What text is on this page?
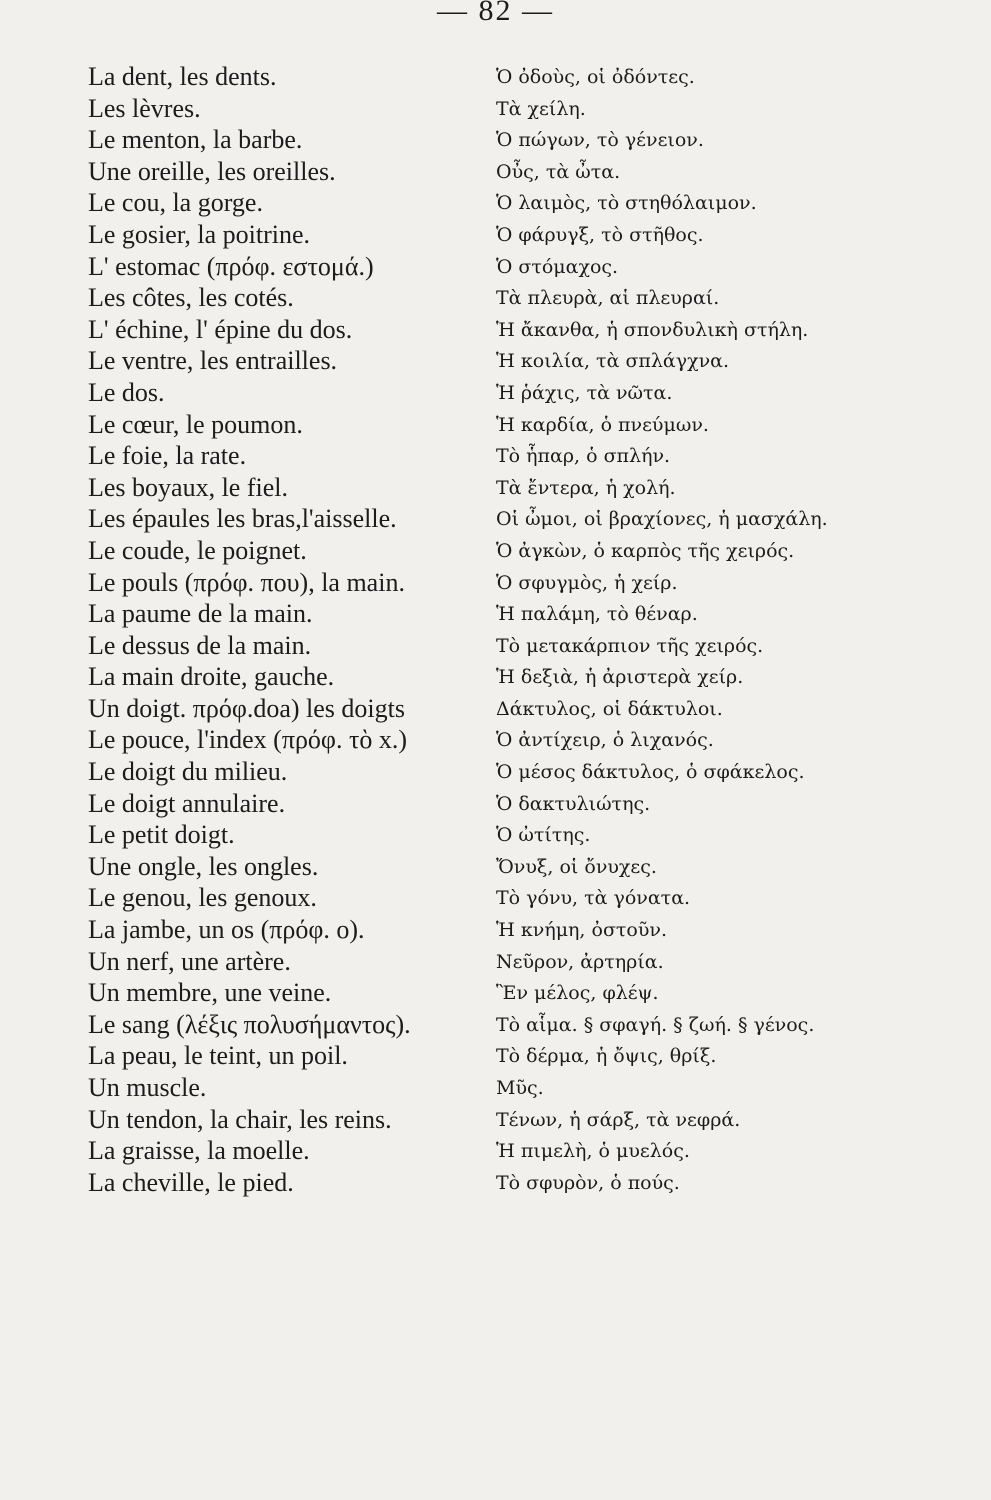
— 82 —
La dent, les dents.	Ὁ ὀδοὺς, οἱ ὀδόντες.
Les lèvres.	Τὰ χείλη.
Le menton, la barbe.	Ὁ πώγων, τὸ γένειον.
Une oreille, les oreilles.	Οὖς, τὰ ὦτα.
Le cou, la gorge.	Ὁ λαιμὸς, τὸ στηθόλαιμον.
Le gosier, la poitrine.	Ὁ φάρυγξ, τὸ στῆθος.
L' estomac (πρόφ. εστομά.)	Ὁ στόμαχος.
Les côtes, les cotés.	Τὰ πλευρὰ, αἱ πλευραί.
L' échine, l' épine du dos.	Ἡ ἄκανθα, ἡ σπονδυλικὴ στήλη.
Le ventre, les entrailles.	Ἡ κοιλία, τὰ σπλάγχνα.
Le dos.	Ἡ ῥάχις, τὰ νῶτα.
Le cœur, le poumon.	Ἡ καρδία, ὁ πνεύμων.
Le foie, la rate.	Τὸ ἧπαρ, ὁ σπλήν.
Les boyaux, le fiel.	Τὰ ἔντερα, ἡ χολή.
Les épaules les bras,l'aisselle.	Οἱ ὦμοι, οἱ βραχίονες, ἡ μασχάλη.
Le coude, le poignet.	Ὁ ἀγκὼν, ὁ καρπὸς τῆς χειρός.
Le pouls (πρόφ. που), la main.	Ὁ σφυγμὸς, ἡ χείρ.
La paume de la main.	Ἡ παλάμη, τὸ θέναρ.
Le dessus de la main.	Τὸ μετακάρπιον τῆς χειρός.
La main droite, gauche.	Ἡ δεξιὰ, ἡ ἀριστερὰ χείρ.
Un doigt. πρόφ.doa) les doigts	Δάκτυλος, οἱ δάκτυλοι.
Le pouce, l'index (πρόφ. τὸ x.)	Ὁ ἀντίχειρ, ὁ λιχανός.
Le doigt du milieu.	Ὁ μέσος δάκτυλος, ὁ σφάκελος.
Le doigt annulaire.	Ὁ δακτυλιώτης.
Le petit doigt.	Ὁ ὠτίτης.
Une ongle, les ongles.	Ὄνυξ, οἱ ὄνυχες.
Le genou, les genoux.	Τὸ γόνυ, τὰ γόνατα.
La jambe, un os (πρόφ. ο).	Ἡ κνήμη, ὀστοῦν.
Un nerf, une artère.	Νεῦρον, ἀρτηρία.
Un membre, une veine.	Ἓν μέλος, φλέψ.
Le sang (λέξις πολυσήμαντος).	Τὸ αἷμα. § σφαγή. § ζωή. § γένος.
La peau, le teint, un poil.	Τὸ δέρμα, ἡ ὄψις, θρίξ.
Un muscle.	Μῦς.
Un tendon, la chair, les reins.	Τένων, ἡ σάρξ, τὰ νεφρά.
La graisse, la moelle.	Ἡ πιμελὴ, ὁ μυελός.
La cheville, le pied.	Τὸ σφυρὸν, ὁ πούς.
